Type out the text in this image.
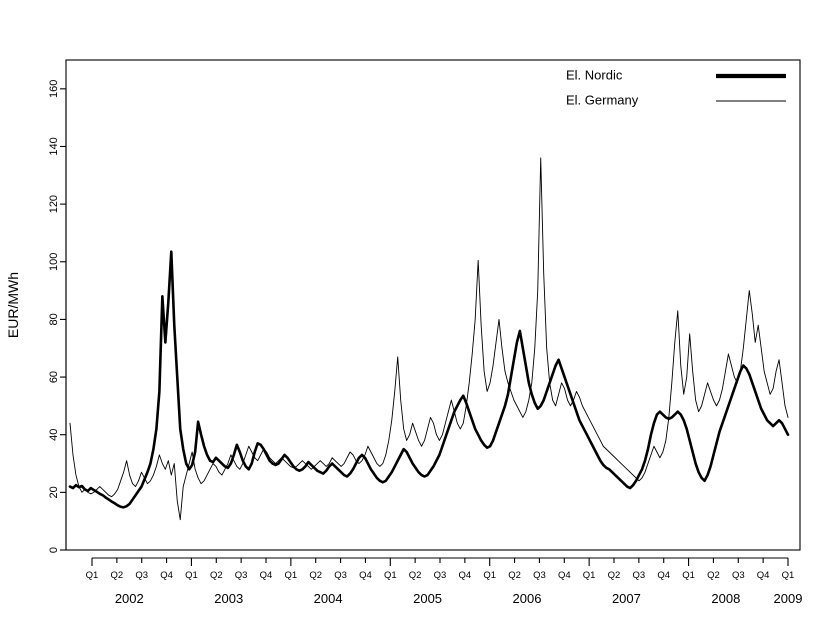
0
20
40
60
80
100
120
140
160
Q1 Q2 Q3 Q4 Q1 Q2 Q3 Q4 Q1 Q2 Q3 Q4 Q1 Q2 Q3 Q4 Q1 Q2 Q3 Q4 Q1 Q2 Q3 Q4 Q1 Q2 Q3 Q4 Q1
2002	2003	2004	2005	2006	2007	2008	2009
El. Nordic
El. Germany
EUR/MWh
